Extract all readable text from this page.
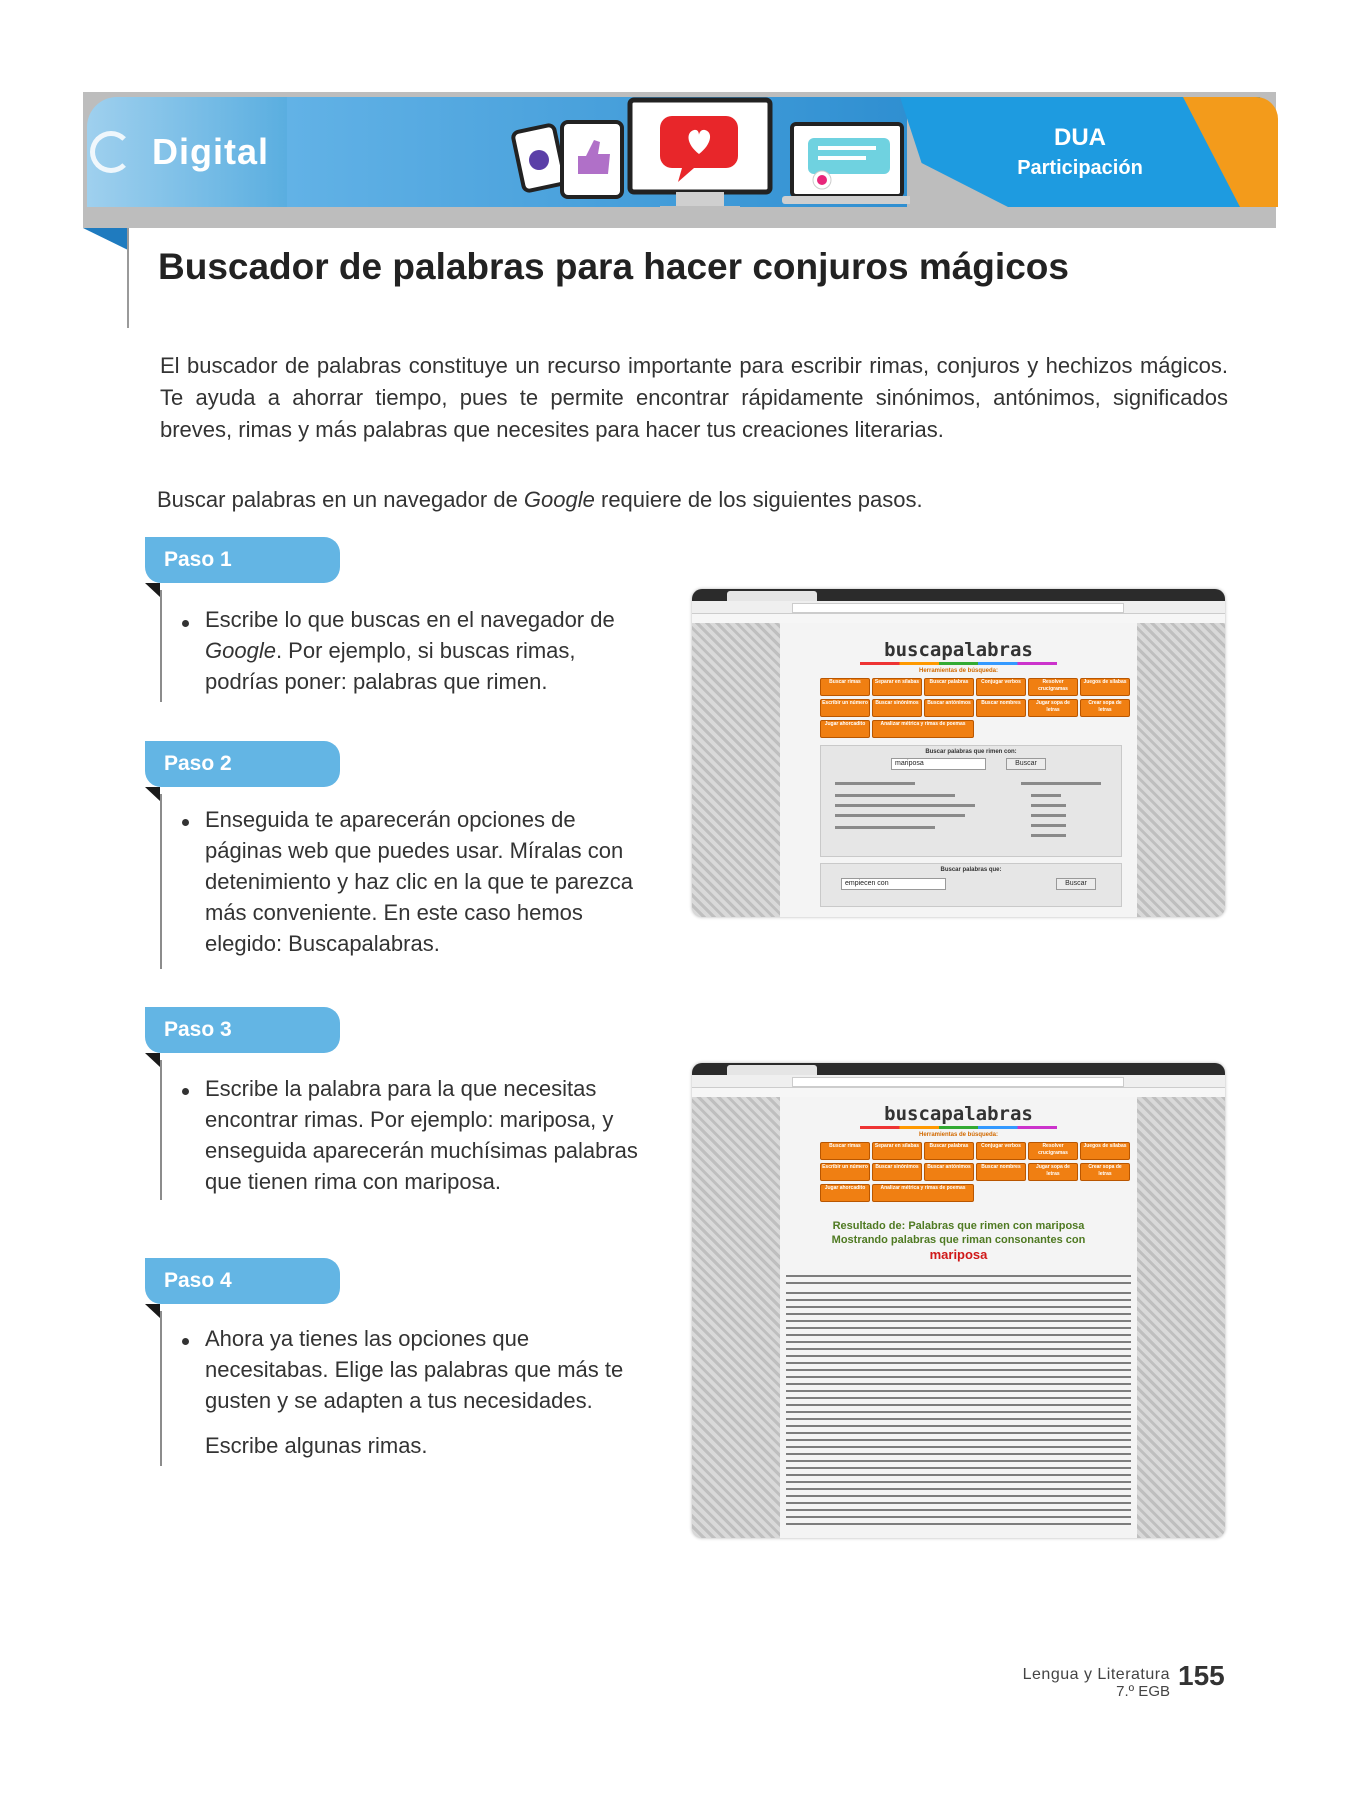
Digital	DUA
Participación
Buscador de palabras para hacer conjuros mágicos

El buscador de palabras constituye un recurso importante para escribir rimas, conjuros y hechizos mágicos. Te ayuda a ahorrar tiempo, pues te permite encontrar rápidamente sinónimos, antónimos, significados breves, rimas y más palabras que necesites para hacer tus creaciones literarias.

Buscar palabras en un navegador de Google requiere de los siguientes pasos.

Paso 1

Escribe lo que buscas en el navegador de Google. Por ejemplo, si buscas rimas, podrías poner: palabras que rimen.

Paso 2

Enseguida te aparecerán opciones de páginas web que puedes usar. Míralas con detenimiento y haz clic en la que te parezca más conveniente. En este caso hemos elegido: Buscapalabras.

Paso 3

Escribe la palabra para la que necesitas encontrar rimas. Por ejemplo: mariposa, y enseguida aparecerán muchísimas palabras que tienen rima con mariposa.

Paso 4

Ahora ya tienes las opciones que necesitabas. Elige las palabras que más te gusten y se adapten a tus necesidades.

Escribe algunas rimas.

buscapalabras
Herramientas de búsqueda:
Buscar rimas	Separar en sílabas	Buscar palabras	Conjugar verbos	Resolver crucigramas
Juegos de sílabas
Escribir un número	Buscar sinónimos	Buscar antónimos	Buscar nombres	Jugar sopa de letras
Crear sopa de letras
Jugar ahorcadito	Analizar métrica y rimas de poemas
Buscar palabras que rimen con:
mariposa	Buscar
Buscar palabras que:
empiecen con	Buscar
buscapalabras
Herramientas de búsqueda:
Buscar rimas	Separar en sílabas	Buscar palabras	Conjugar verbos	Resolver crucigramas
Juegos de sílabas
Escribir un número	Buscar sinónimos	Buscar antónimos	Buscar nombres	Jugar sopa de letras
Crear sopa de letras
Jugar ahorcadito	Analizar métrica y rimas de poemas
Resultado de: Palabras que rimen con mariposa
Mostrando palabras que riman consonantes con
mariposa
Lengua y Literatura
7.º EGB
155
